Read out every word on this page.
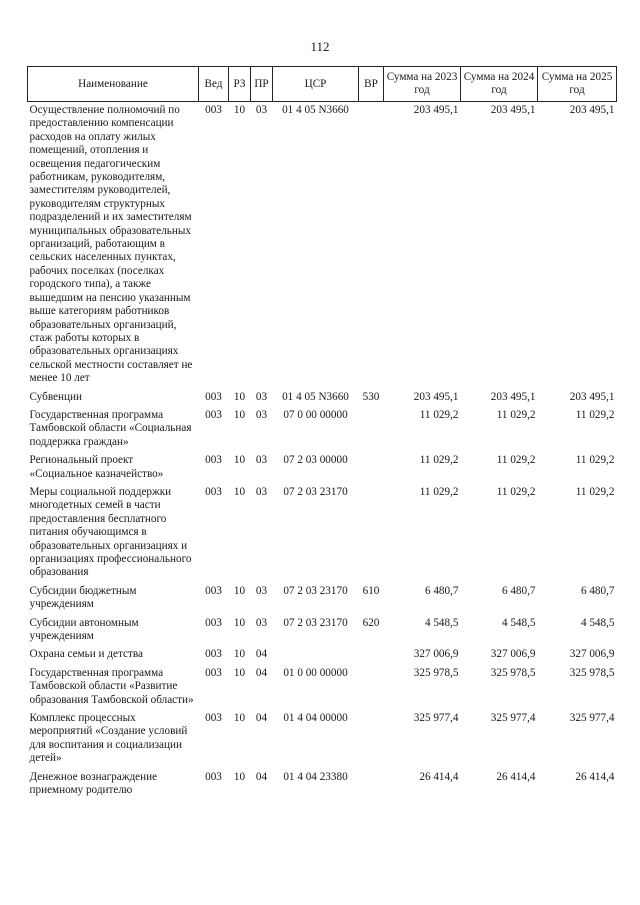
112
Наименование	Вед	РЗ	ПР	ЦСР	ВР	Сумма на 2023 год	Сумма на 2024 год	Сумма на 2025 год
Осуществление полномочий по предоставлению компенсации расходов на оплату жилых помещений, отопления и освещения педагогическим работникам, руководителям, заместителям руководителей, руководителям структурных подразделений и их заместителям муниципальных образовательных организаций, работающим в сельских населенных пунктах, рабочих поселках (поселках городского типа), а также вышедшим на пенсию указанным выше категориям работников образовательных организаций, стаж работы которых в образовательных организациях сельской местности составляет не менее 10 лет	003	10	03	01 4 05 N3660		203 495,1	203 495,1	203 495,1
Субвенции	003	10	03	01 4 05 N3660	530	203 495,1	203 495,1	203 495,1
Государственная программа Тамбовской области «Социальная поддержка граждан»	003	10	03	07 0 00 00000		11 029,2	11 029,2	11 029,2
Региональный проект «Социальное казначейство»	003	10	03	07 2 03 00000		11 029,2	11 029,2	11 029,2
Меры социальной поддержки многодетных семей в части предоставления бесплатного питания обучающимся в образовательных организациях и организациях профессионального образования	003	10	03	07 2 03 23170		11 029,2	11 029,2	11 029,2
Субсидии бюджетным учреждениям	003	10	03	07 2 03 23170	610	6 480,7	6 480,7	6 480,7
Субсидии автономным учреждениям	003	10	03	07 2 03 23170	620	4 548,5	4 548,5	4 548,5
Охрана семьи и детства	003	10	04			327 006,9	327 006,9	327 006,9
Государственная программа Тамбовской области «Развитие образования Тамбовской области»	003	10	04	01 0 00 00000		325 978,5	325 978,5	325 978,5
Комплекс процессных мероприятий «Создание условий для воспитания и социализации детей»	003	10	04	01 4 04 00000		325 977,4	325 977,4	325 977,4
Денежное вознаграждение приемному родителю	003	10	04	01 4 04 23380		26 414,4	26 414,4	26 414,4
